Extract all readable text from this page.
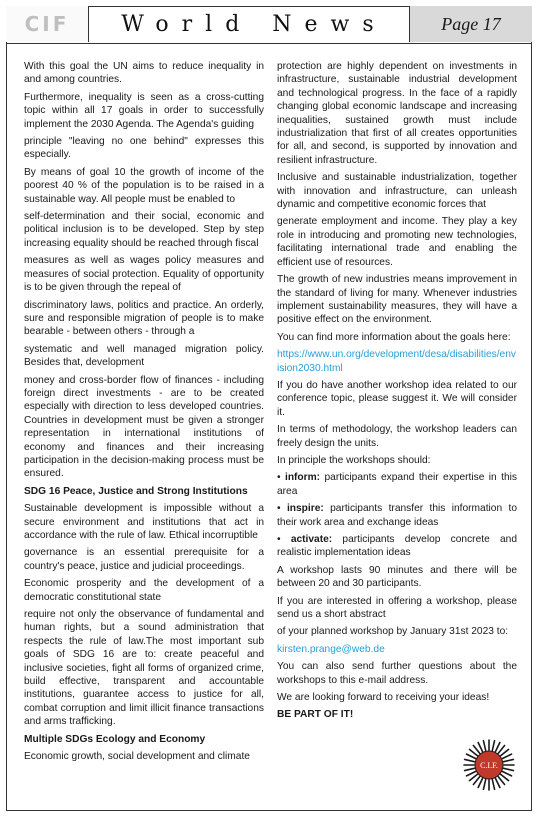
CIF	World News	Page 17

With this goal the UN aims to reduce inequality in and among countries.

Furthermore, inequality is seen as a cross-cutting topic within all 17 goals in order to successfully implement the 2030 Agenda. The Agenda's guiding

principle "leaving no one behind" expresses this especially.

By means of goal 10 the growth of income of the poorest 40 % of the population is to be raised in a sustainable way. All people must be enabled to

self-determination and their social, economic and political inclusion is to be developed. Step by step increasing equality should be reached through fiscal

measures as well as wages policy measures and measures of social protection. Equality of opportunity is to be given through the repeal of

discriminatory laws, politics and practice. An orderly, sure and responsible migration of people is to make bearable - between others - through a

systematic and well managed migration policy. Besides that, development

money and cross-border flow of finances - including foreign direct investments - are to be created especially with direction to less developed countries. Countries in development must be given a stronger representation in international institutions of economy and finances and their increasing participation in the decision-making process must be ensured.

SDG 16 Peace, Justice and Strong Institutions

Sustainable development is impossible without a secure environment and institutions that act in accordance with the rule of law. Ethical incorruptible

governance is an essential prerequisite for a country's peace, justice and judicial proceedings.

Economic prosperity and the development of a democratic constitutional state

require not only the observance of fundamental and human rights, but a sound administration that respects the rule of law.The most important sub goals of SDG 16 are to: create peaceful and inclusive societies, fight all forms of organized crime, build effective, transparent and accountable institutions, guarantee access to justice for all, combat corruption and limit illicit finance transactions and arms trafficking.

Multiple SDGs Ecology and Economy

Economic growth, social development and climate

protection are highly dependent on investments in infrastructure, sustainable industrial development and technological progress. In the face of a rapidly changing global economic landscape and increasing inequalities, sustained growth must include industrialization that first of all creates opportunities for all, and second, is supported by innovation and resilient infrastructure.

Inclusive and sustainable industrialization, together with innovation and infrastructure, can unleash dynamic and competitive economic forces that

generate employment and income. They play a key role in introducing and promoting new technologies, facilitating international trade and enabling the efficient use of resources.

The growth of new industries means improvement in the standard of living for many. Whenever industries implement sustainability measures, they will have a positive effect on the environment.

You can find more information about the goals here:

https://www.un.org/development/desa/disabilities/envision2030.html

If you do have another workshop idea related to our conference topic, please suggest it. We will consider it.

In terms of methodology, the workshop leaders can freely design the units.

In principle the workshops should:

• inform: participants expand their expertise in this area

• inspire: participants transfer this information to their work area and exchange ideas

• activate: participants develop concrete and realistic implementation ideas

A workshop lasts 90 minutes and there will be between 20 and 30 participants.

If you are interested in offering a workshop, please send us a short abstract

of your planned workshop by January 31st 2023 to:

kirsten.prange@web.de

You can also send further questions about the workshops to this e-mail address.

We are looking forward to receiving your ideas!

BE PART OF IT!

C.I.F.
